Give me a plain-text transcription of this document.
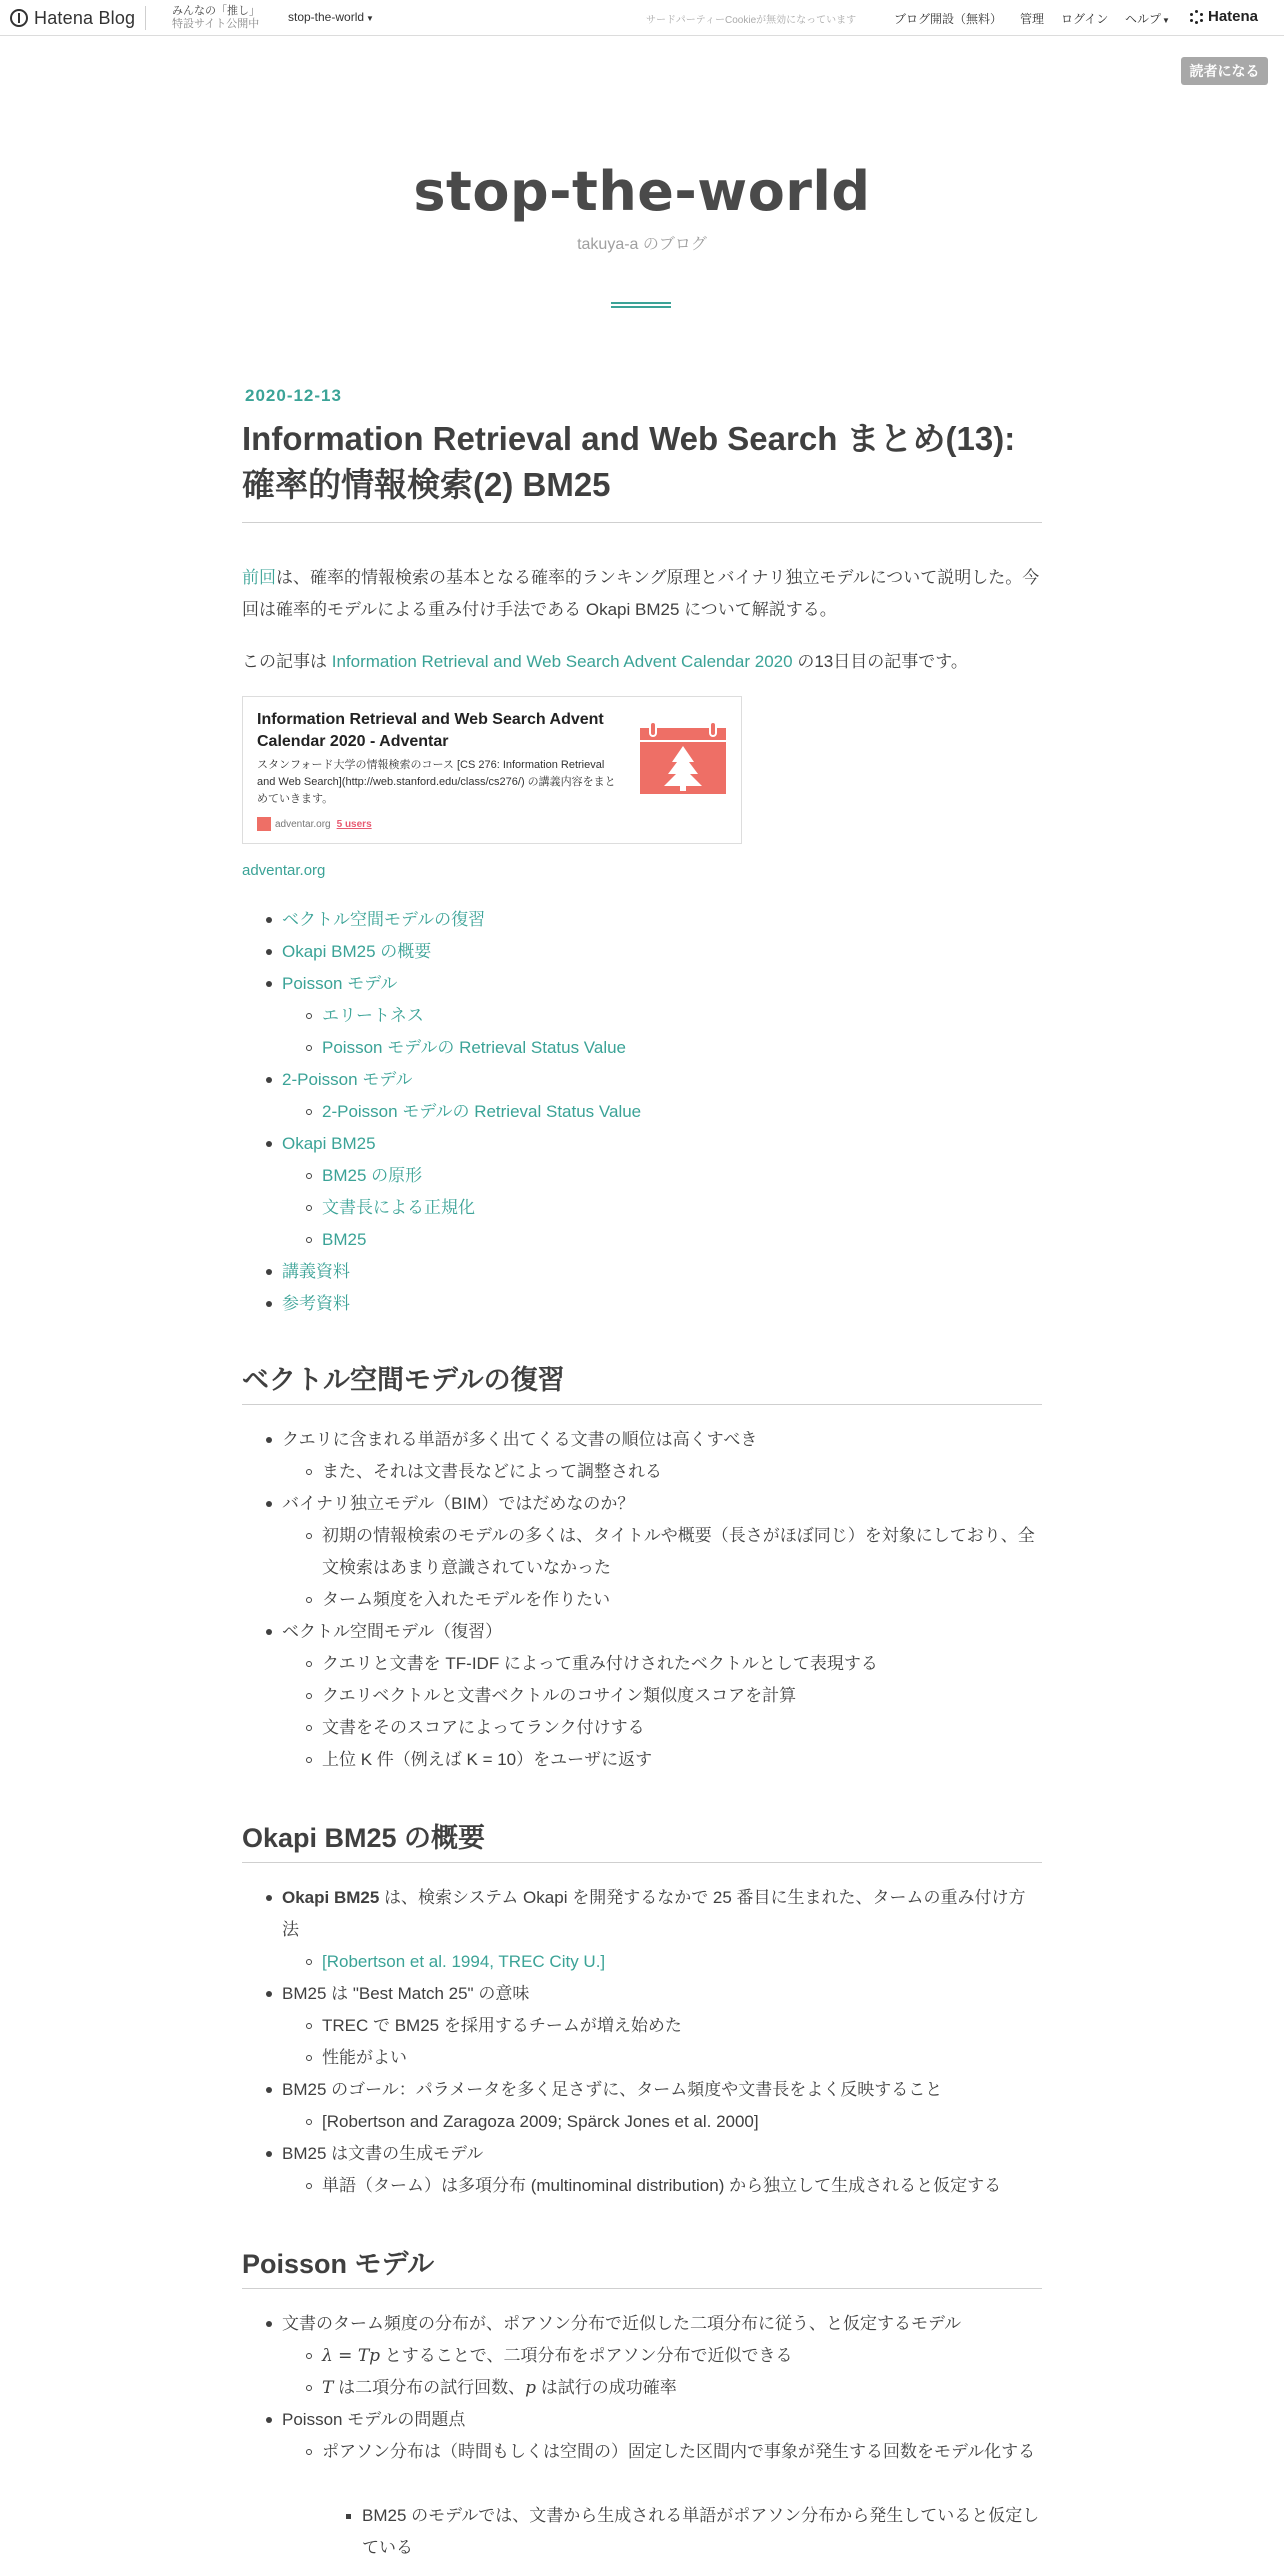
Hatena Blog	みんなの「推し」
特設サイト公開中 stop-the-world ▼	サードパーティーCookieが無効になっています	ブログ開設（無料） 管理 ログイン ヘルプ▼	Hatena
読者になる
stop-the-world
takuya-a のブログ
2020-12-13
Information Retrieval and Web Search まとめ(13): 確率的情報検索(2) BM25

前回は、確率的情報検索の基本となる確率的ランキング原理とバイナリ独立モデルについて説明した。今回は確率的モデルによる重み付け手法である Okapi BM25 について解説する。

この記事は Information Retrieval and Web Search Advent Calendar 2020 の13日目の記事です。

Information Retrieval and Web Search Advent Calendar 2020 - Adventar
スタンフォード大学の情報検索のコース [CS 276: Information Retrieval and Web Search](http://web.stanford.edu/class/cs276/) の講義内容をまとめていきます。
adventar.org 5 users
adventar.org
ベクトル空間モデルの復習
Okapi BM25 の概要
Poisson モデル
エリートネス
Poisson モデルの Retrieval Status Value
2-Poisson モデル
2-Poisson モデルの Retrieval Status Value
Okapi BM25
BM25 の原形
文書長による正規化
BM25
講義資料
参考資料
ベクトル空間モデルの復習
クエリに含まれる単語が多く出てくる文書の順位は高くすべき
また、それは文書長などによって調整される
バイナリ独立モデル（BIM）ではだめなのか？
初期の情報検索のモデルの多くは、タイトルや概要（長さがほぼ同じ）を対象にしており、全文検索はあまり意識されていなかった
ターム頻度を入れたモデルを作りたい
ベクトル空間モデル（復習）
クエリと文書を TF-IDF によって重み付けされたベクトルとして表現する
クエリベクトルと文書ベクトルのコサイン類似度スコアを計算
文書をそのスコアによってランク付けする
上位 K 件（例えば K = 10）をユーザに返す
Okapi BM25 の概要
Okapi BM25 は、検索システム Okapi を開発するなかで 25 番目に生まれた、タームの重み付け方法
[Robertson et al. 1994, TREC City U.]
BM25 は "Best Match 25" の意味
TREC で BM25 を採用するチームが増え始めた
性能がよい
BM25 のゴール：パラメータを多く足さずに、ターム頻度や文書長をよく反映すること
[Robertson and Zaragoza 2009; Spärck Jones et al. 2000]
BM25 は文書の生成モデル
単語（ターム）は多項分布 (multinominal distribution) から独立して生成されると仮定する
Poisson モデル
文書のターム頻度の分布が、ポアソン分布で近似した二項分布に従う、と仮定するモデル
λ = Tp とすることで、二項分布をポアソン分布で近似できる
T は二項分布の試行回数、p は試行の成功確率
Poisson モデルの問題点
ポアソン分布は（時間もしくは空間の）固定した区間内で事象が発生する回数をモデル化する
BM25 のモデルでは、文書から生成される単語がポアソン分布から発生していると仮定している
